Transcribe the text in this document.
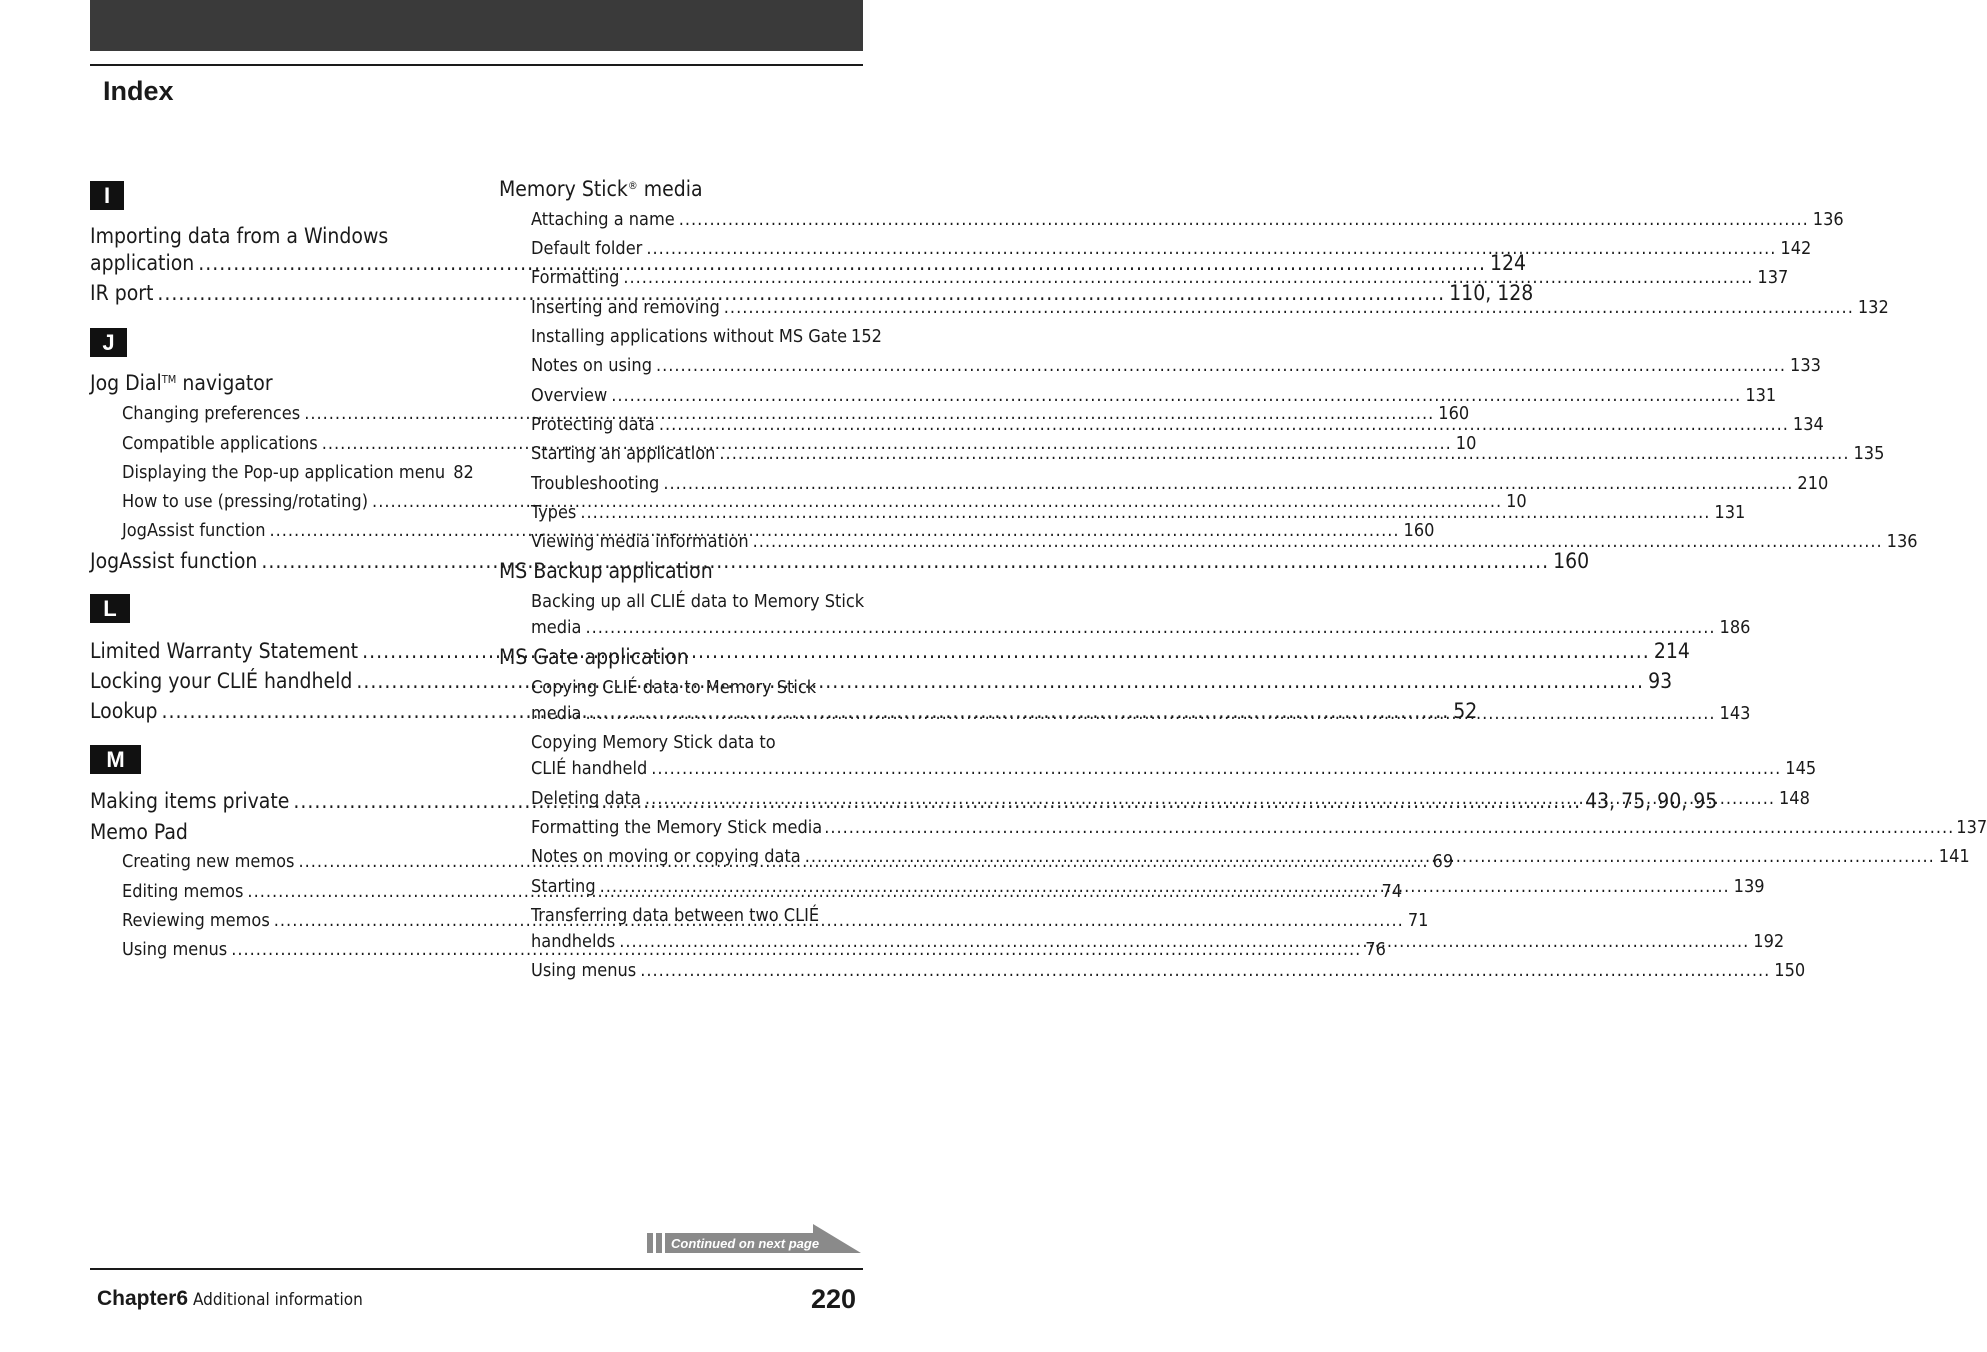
Index
I
Importing data from a Windows
application .....	124
IR port .....	110, 128
J
Jog Dial™ navigator
Changing preferences .....	160
Compatible applications .....	10
Displaying the Pop-up application menu 82
How to use (pressing/rotating) .....	10
JogAssist function .....	160
JogAssist function .....	160
L
Limited Warranty Statement .....	214
Locking your CLIÉ handheld .....	93
Lookup .....	52
M
Making items private .....	43, 75, 90, 95
Memo Pad
Creating new memos .....	69
Editing memos .....	74
Reviewing memos .....	71
Using menus .....	76
Memory Stick® media
Attaching a name .....	136
Default folder .....	142
Formatting .....	137
Inserting and removing .....	132
Installing applications without MS Gate 152
Notes on using .....	133
Overview .....	131
Protecting data .....	134
Starting an application .....	135
Troubleshooting .....	210
Types .....	131
Viewing media information .....	136
MS Backup application
Backing up all CLIÉ data to Memory Stick
media .....	186
MS Gate application
Copying CLIÉ data to Memory Stick
media .....	143
Copying Memory Stick data to
CLIÉ handheld .....	145
Deleting data .....	148
Formatting the Memory Stick media .....	137
Notes on moving or copying data .....	141
Starting .....	139
Transferring data between two CLIÉ
handhelds .....	192
Using menus .....	150
Continued on next page
Chapter6 Additional information	220
